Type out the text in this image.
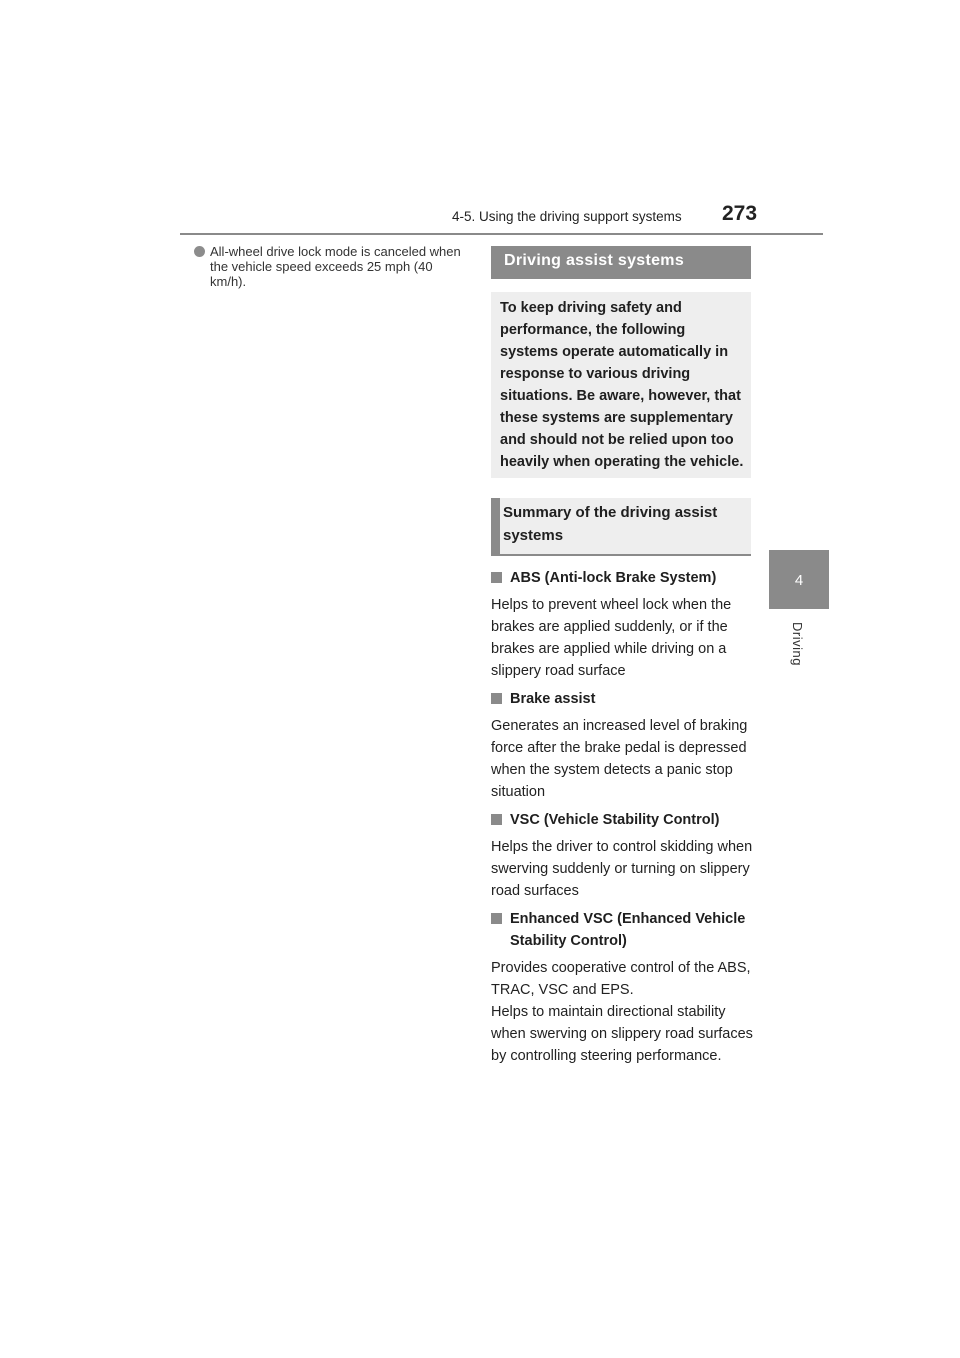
4-5. Using the driving support systems 273
4
Driving
All-wheel drive lock mode is canceled when the vehicle speed exceeds 25 mph (40 km/h).
Driving assist systems
To keep driving safety and performance, the following systems operate automatically in response to various driving situations. Be aware, however, that these systems are supplementary and should not be relied upon too heavily when operating the vehicle.
Summary of the driving assist systems
ABS (Anti-lock Brake System)

Helps to prevent wheel lock when the brakes are applied suddenly, or if the brakes are applied while driving on a slippery road surface

Brake assist

Generates an increased level of braking force after the brake pedal is depressed when the system detects a panic stop situation

VSC (Vehicle Stability Control)

Helps the driver to control skidding when swerving suddenly or turning on slippery road surfaces

Enhanced VSC (Enhanced Vehicle Stability Control)

Provides cooperative control of the ABS, TRAC, VSC and EPS.

Helps to maintain directional stability when swerving on slippery road surfaces by controlling steering performance.
